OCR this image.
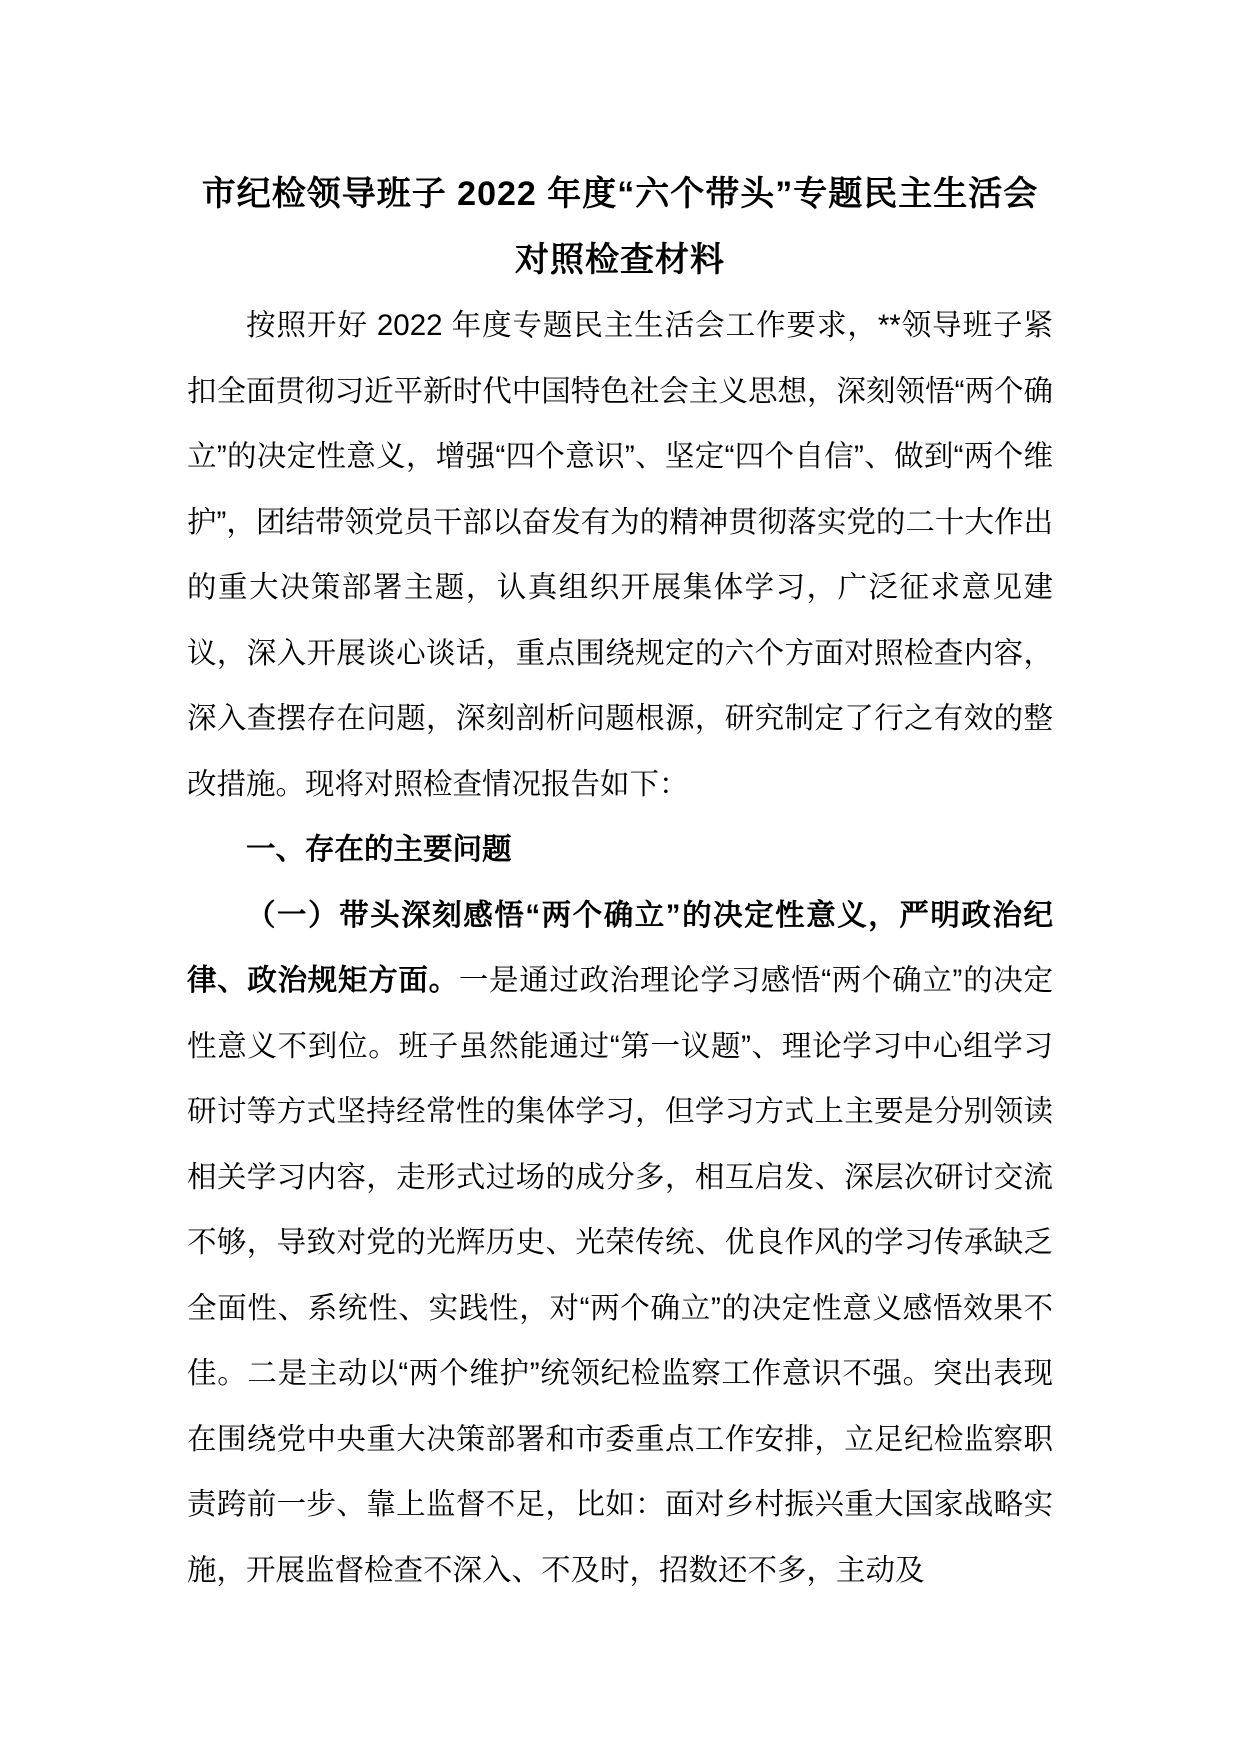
市纪检领导班子 2022 年度“六个带头”专题民主生活会
对照检查材料

按照开好 2022 年度专题民主生活会工作要求，**领导班子紧扣全面贯彻习近平新时代中国特色社会主义思想，深刻领悟“两个确立”的决定性意义，增强“四个意识”、坚定“四个自信”、做到“两个维护”，团结带领党员干部以奋发有为的精神贯彻落实党的二十大作出的重大决策部署主题，认真组织开展集体学习，广泛征求意见建议，深入开展谈心谈话，重点围绕规定的六个方面对照检查内容，深入查摆存在问题，深刻剖析问题根源，研究制定了行之有效的整改措施。现将对照检查情况报告如下：

一、存在的主要问题

（一）带头深刻感悟“两个确立”的决定性意义，严明政治纪律、政治规矩方面。一是通过政治理论学习感悟“两个确立”的决定性意义不到位。班子虽然能通过“第一议题”、理论学习中心组学习研讨等方式坚持经常性的集体学习，但学习方式上主要是分别领读相关学习内容，走形式过场的成分多，相互启发、深层次研讨交流不够，导致对党的光辉历史、光荣传统、优良作风的学习传承缺乏全面性、系统性、实践性，对“两个确立”的决定性意义感悟效果不佳。二是主动以“两个维护”统领纪检监察工作意识不强。突出表现在围绕党中央重大决策部署和市委重点工作安排，立足纪检监察职责跨前一步、靠上监督不足，比如：面对乡村振兴重大国家战略实施，开展监督检查不深入、不及时，招数还不多，主动及
